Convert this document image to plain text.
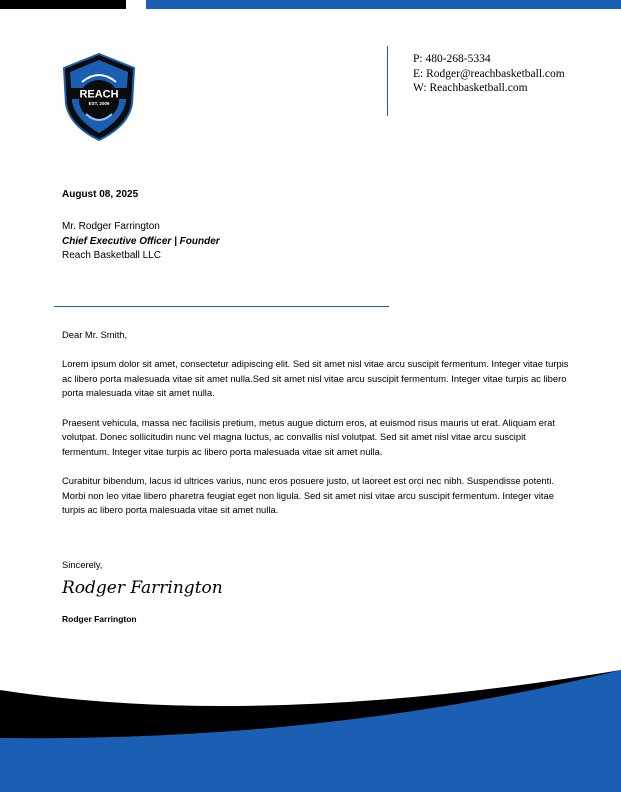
REACH
EST. 2009
P: 480-268-5334
E: Rodger@reachbasketball.com
W: Reachbasketball.com
August 08, 2025
Mr. Rodger Farrington
Chief Executive Officer | Founder
Reach Basketball LLC

Dear Mr. Smith,

Lorem ipsum dolor sit amet, consectetur adipiscing elit. Sed sit amet nisl vitae arcu suscipit fermentum. Integer vitae turpis ac libero porta malesuada vitae sit amet nulla.Sed sit amet nisl vitae arcu suscipit fermentum. Integer vitae turpis ac libero porta malesuada vitae sit amet nulla.

Praesent vehicula, massa nec facilisis pretium, metus augue dictum eros, at euismod risus mauris ut erat. Aliquam erat volutpat. Donec sollicitudin nunc vel magna luctus, ac convallis nisl volutpat. Sed sit amet nisl vitae arcu suscipit fermentum. Integer vitae turpis ac libero porta malesuada vitae sit amet nulla.

Curabitur bibendum, lacus id ultrices varius, nunc eros posuere justo, ut laoreet est orci nec nibh. Suspendisse potenti. Morbi non leo vitae libero pharetra feugiat eget non ligula. Sed sit amet nisl vitae arcu suscipit fermentum. Integer vitae turpis ac libero porta malesuada vitae sit amet nulla.

Sincerely,
Rodger Farrington
Rodger Farrington
